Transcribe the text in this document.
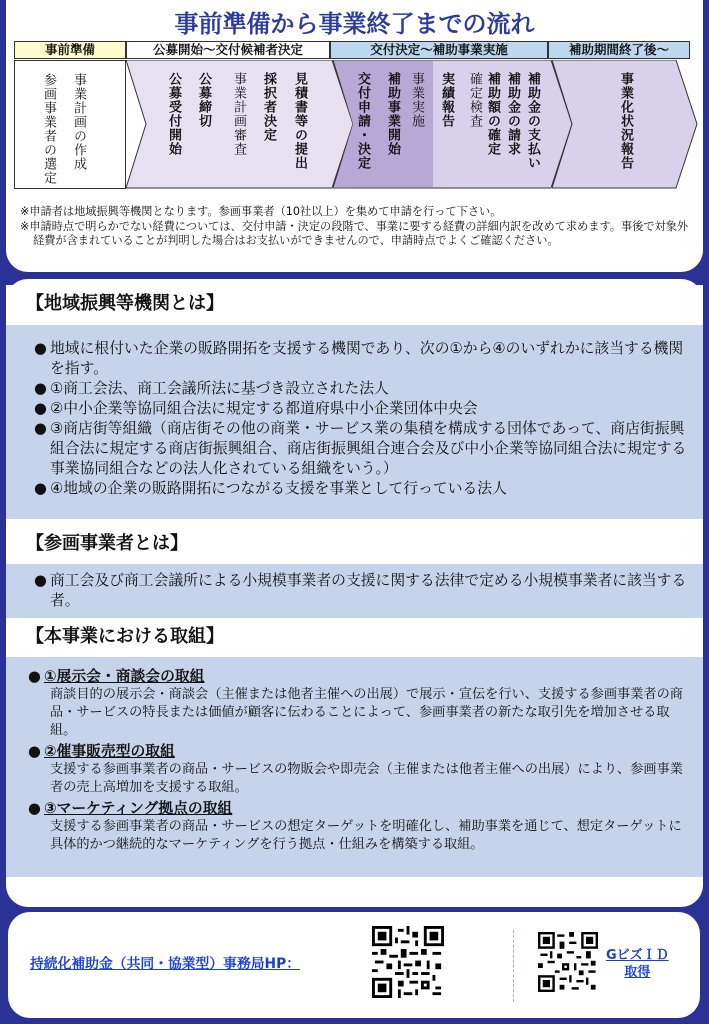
事前準備から事業終了までの流れ
事前準備	公募開始〜交付候補者決定	交付決定〜補助事業実施	補助期間終了後〜
事業計画の作成
参画事業者の選定	見積書等の提出
採択者決定
事業計画審査
公募締切
公募受付開始	補助金の支払い
補助金の請求
補助額の確定
確定検査
実績報告
事業実施
補助事業開始
交付申請・決定	事業化状況報告

※申請者は地域振興等機関となります。参画事業者（10社以上）を集めて申請を行って下さい。

※申請時点で明らかでない経費については、交付申請・決定の段階で、事業に要する経費の詳細内訳を改めて求めます。事後で対象外経費が含まれていることが判明した場合はお支払いができませんので、申請時点でよくご確認ください。

【地域振興等機関とは】

● 地域に根付いた企業の販路開拓を支援する機関であり、次の①から④のいずれかに該当する機関を指す。

● ①商工会法、商工会議所法に基づき設立された法人

● ②中小企業等協同組合法に規定する都道府県中小企業団体中央会

● ③商店街等組織（商店街その他の商業・サービス業の集積を構成する団体であって、商店街振興組合法に規定する商店街振興組合、商店街振興組合連合会及び中小企業等協同組合法に規定する事業協同組合などの法人化されている組織をいう。）

● ④地域の企業の販路開拓につながる支援を事業として行っている法人

【参画事業者とは】

● 商工会及び商工会議所による小規模事業者の支援に関する法律で定める小規模事業者に該当する者。

【本事業における取組】

● ①展示会・商談会の取組

商談目的の展示会・商談会（主催または他者主催への出展）で展示・宣伝を行い、支援する参画事業者の商品・サービスの特長または価値が顧客に伝わることによって、参画事業者の新たな取引先を増加させる取組。

● ②催事販売型の取組

支援する参画事業者の商品・サービスの物販会や即売会（主催または他者主催への出展）により、参画事業者の売上高増加を支援する取組。

● ③マーケティング拠点の取組

支援する参画事業者の商品・サービスの想定ターゲットを明確化し、補助事業を通じて、想定ターゲットに具体的かつ継続的なマーケティングを行う拠点・仕組みを構築する取組。

持続化補助金（共同・協業型）事務局HP：
GビズＩＤ
取得
